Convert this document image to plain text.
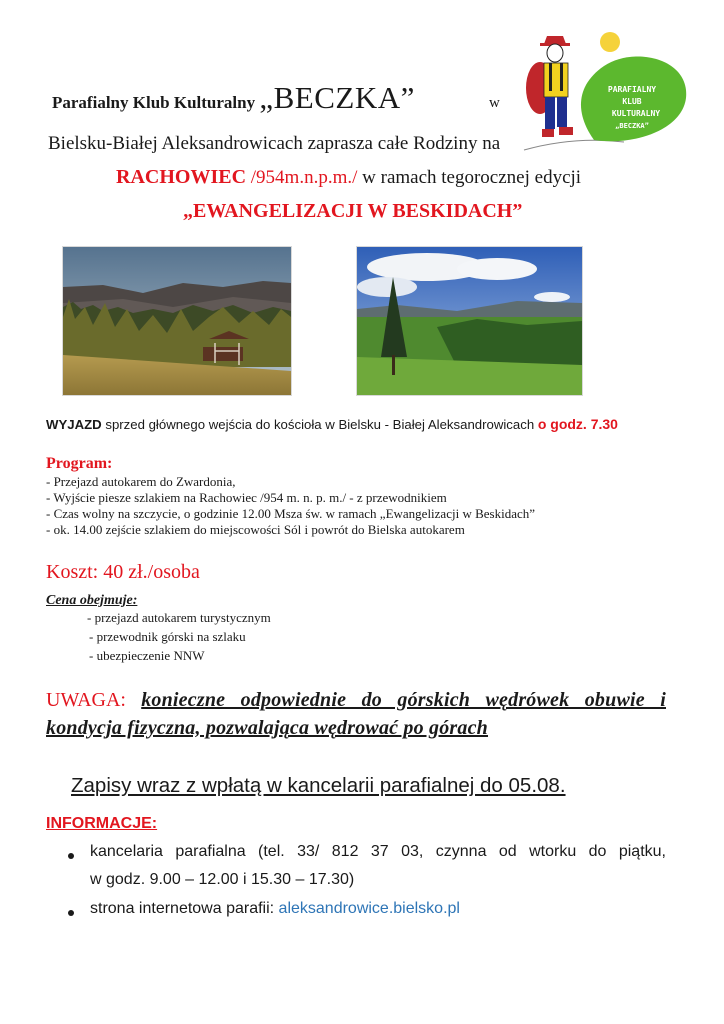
Parafialny Klub Kulturalny „BECZKA”	w
Bielsku-Białej Aleksandrowicach zaprasza całe Rodziny na
RACHOWIEC /954m.n.p.m./ w ramach tegorocznej edycji
„EWANGELIZACJI W BESKIDACH”
PARAFIALNY
KLUB
KULTURALNY
„BECZKA”
WYJAZD sprzed głównego wejścia do kościoła w Bielsku - Białej Aleksandrowicach o godz. 7.30
Program:
- Przejazd autokarem do Zwardonia,
- Wyjście piesze szlakiem na Rachowiec /954 m. n. p. m./ - z przewodnikiem
- Czas wolny na szczycie, o godzinie 12.00 Msza św. w ramach „Ewangelizacji w Beskidach”
- ok. 14.00 zejście szlakiem do miejscowości Sól i powrót do Bielska autokarem
Koszt: 40 zł./osoba
Cena obejmuje:
- przejazd autokarem turystycznym
- przewodnik górski na szlaku
- ubezpieczenie NNW
UWAGA: konieczne odpowiednie do górskich wędrówek obuwie i kondycja fizyczna, pozwalająca wędrować po górach
Zapisy wraz z wpłatą w kancelarii parafialnej do 05.08.
INFORMACJE:
kancelaria parafialna (tel. 33/ 812 37 03, czynna od wtorku do piątku,
w godz. 9.00 – 12.00 i 15.30 – 17.30)
strona internetowa parafii: aleksandrowice.bielsko.pl
